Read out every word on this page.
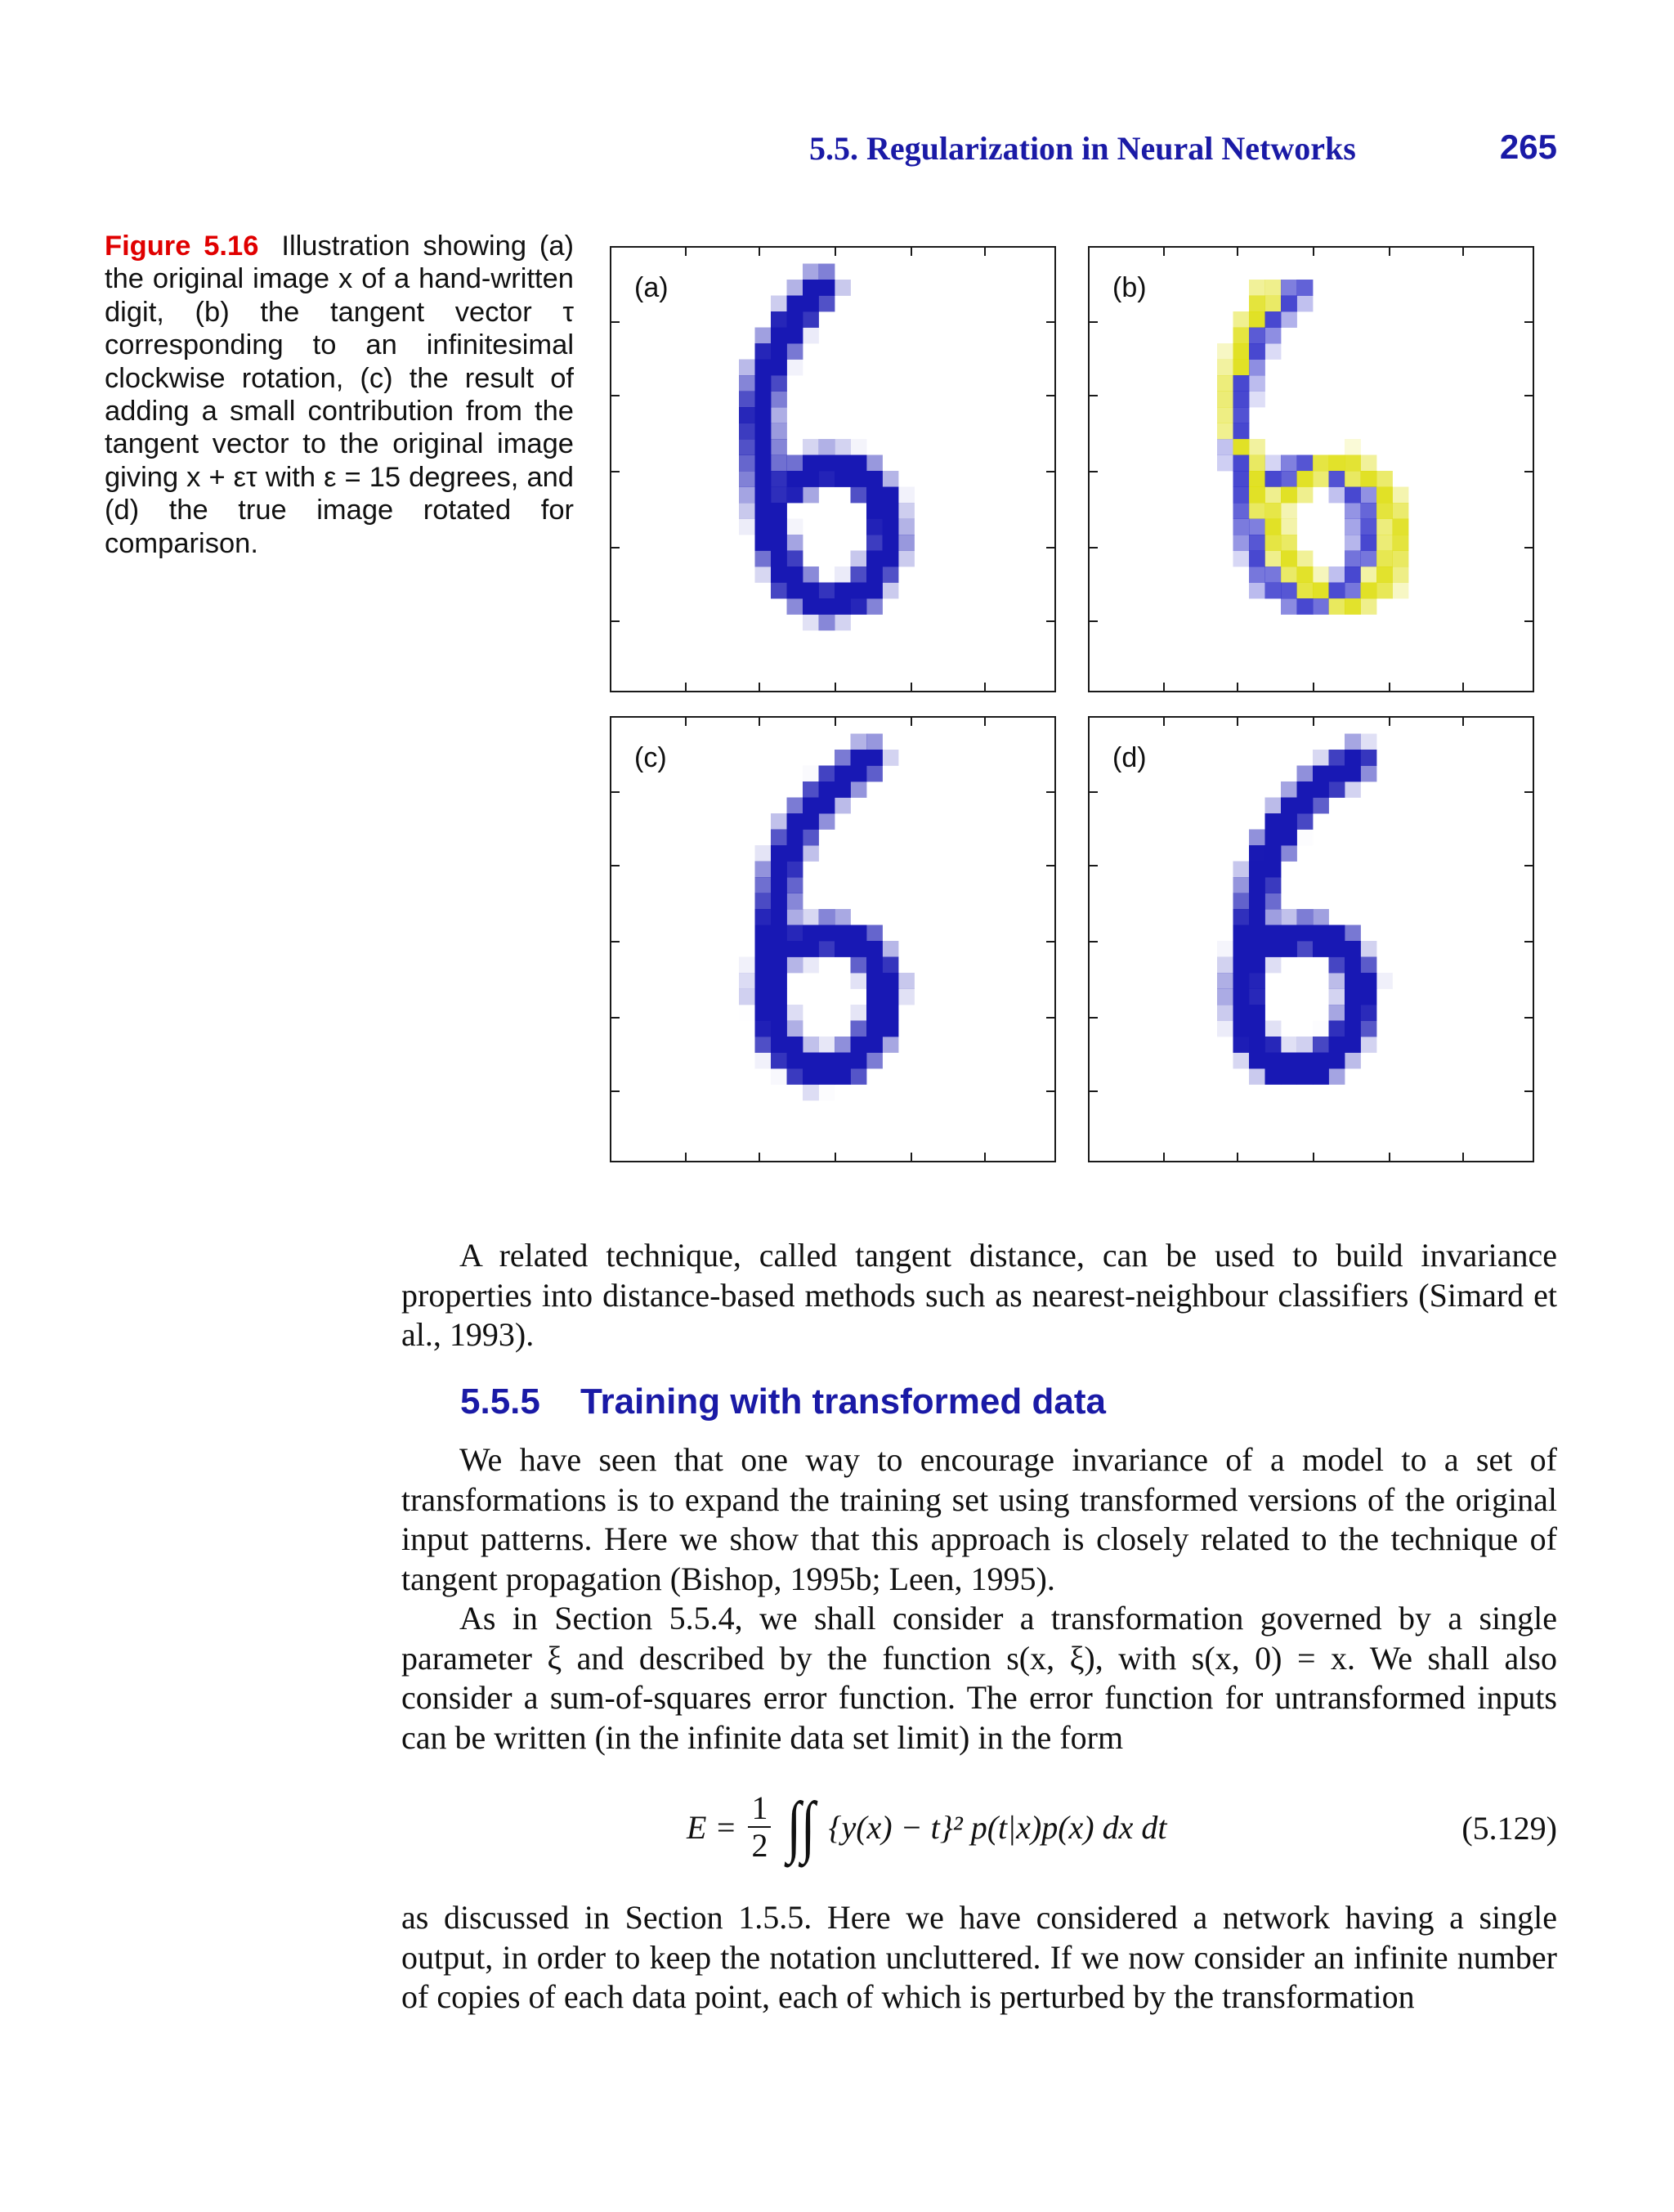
5.5. Regularization in Neural Networks	265
Figure 5.16 Illustration showing (a) the original image x of a hand-written digit, (b) the tangent vector τ corresponding to an infinitesimal clockwise rotation, (c) the result of adding a small contribution from the tangent vector to the original image giving x + ετ with ε = 15 degrees, and (d) the true image rotated for comparison.
(a)	(b)
(c)	(d)

A related technique, called tangent distance, can be used to build invariance properties into distance-based methods such as nearest-neighbour classifiers (Simard et al., 1993).

5.5.5 Training with transformed data

We have seen that one way to encourage invariance of a model to a set of transformations is to expand the training set using transformed versions of the original input patterns. Here we show that this approach is closely related to the technique of tangent propagation (Bishop, 1995b; Leen, 1995).

As in Section 5.5.4, we shall consider a transformation governed by a single parameter ξ and described by the function s(x, ξ), with s(x, 0) = x. We shall also consider a sum-of-squares error function. The error function for untransformed inputs can be written (in the infinite data set limit) in the form

$E = \frac{1}{2}$ ∫∫ {y(x) − t}² p(t|x)p(x) dx dt	(5.129)

as discussed in Section 1.5.5. Here we have considered a network having a single output, in order to keep the notation uncluttered. If we now consider an infinite number of copies of each data point, each of which is perturbed by the transformation
